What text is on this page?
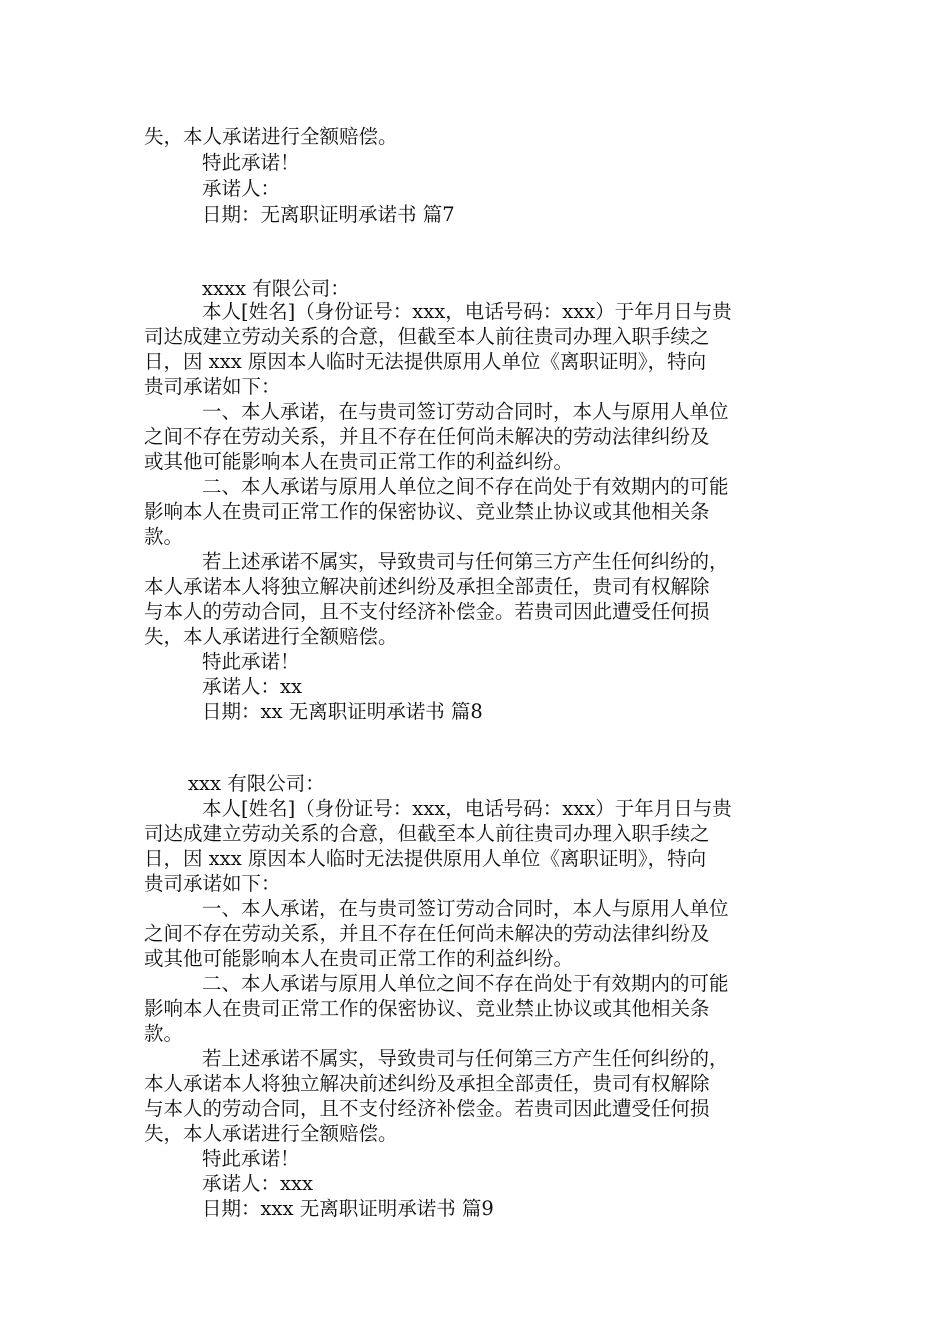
失，本人承诺进行全额赔偿。
特此承诺！
承诺人：
日期：无离职证明承诺书 篇7
xxxx 有限公司：
本人[姓名]（身份证号：xxx，电话号码：xxx）于年月日与贵
司达成建立劳动关系的合意，但截至本人前往贵司办理入职手续之
日，因 xxx 原因本人临时无法提供原用人单位《离职证明》，特向
贵司承诺如下：
一、本人承诺，在与贵司签订劳动合同时，本人与原用人单位
之间不存在劳动关系，并且不存在任何尚未解决的劳动法律纠纷及
或其他可能影响本人在贵司正常工作的利益纠纷。
二、本人承诺与原用人单位之间不存在尚处于有效期内的可能
影响本人在贵司正常工作的保密协议、竞业禁止协议或其他相关条
款。
若上述承诺不属实，导致贵司与任何第三方产生任何纠纷的，
本人承诺本人将独立解决前述纠纷及承担全部责任，贵司有权解除
与本人的劳动合同，且不支付经济补偿金。若贵司因此遭受任何损
失，本人承诺进行全额赔偿。
特此承诺！
承诺人：xx
日期：xx 无离职证明承诺书 篇8
xxx 有限公司：
本人[姓名]（身份证号：xxx，电话号码：xxx）于年月日与贵
司达成建立劳动关系的合意，但截至本人前往贵司办理入职手续之
日，因 xxx 原因本人临时无法提供原用人单位《离职证明》，特向
贵司承诺如下：
一、本人承诺，在与贵司签订劳动合同时，本人与原用人单位
之间不存在劳动关系，并且不存在任何尚未解决的劳动法律纠纷及
或其他可能影响本人在贵司正常工作的利益纠纷。
二、本人承诺与原用人单位之间不存在尚处于有效期内的可能
影响本人在贵司正常工作的保密协议、竞业禁止协议或其他相关条
款。
若上述承诺不属实，导致贵司与任何第三方产生任何纠纷的，
本人承诺本人将独立解决前述纠纷及承担全部责任，贵司有权解除
与本人的劳动合同，且不支付经济补偿金。若贵司因此遭受任何损
失，本人承诺进行全额赔偿。
特此承诺！
承诺人：xxx
日期：xxx 无离职证明承诺书 篇9
